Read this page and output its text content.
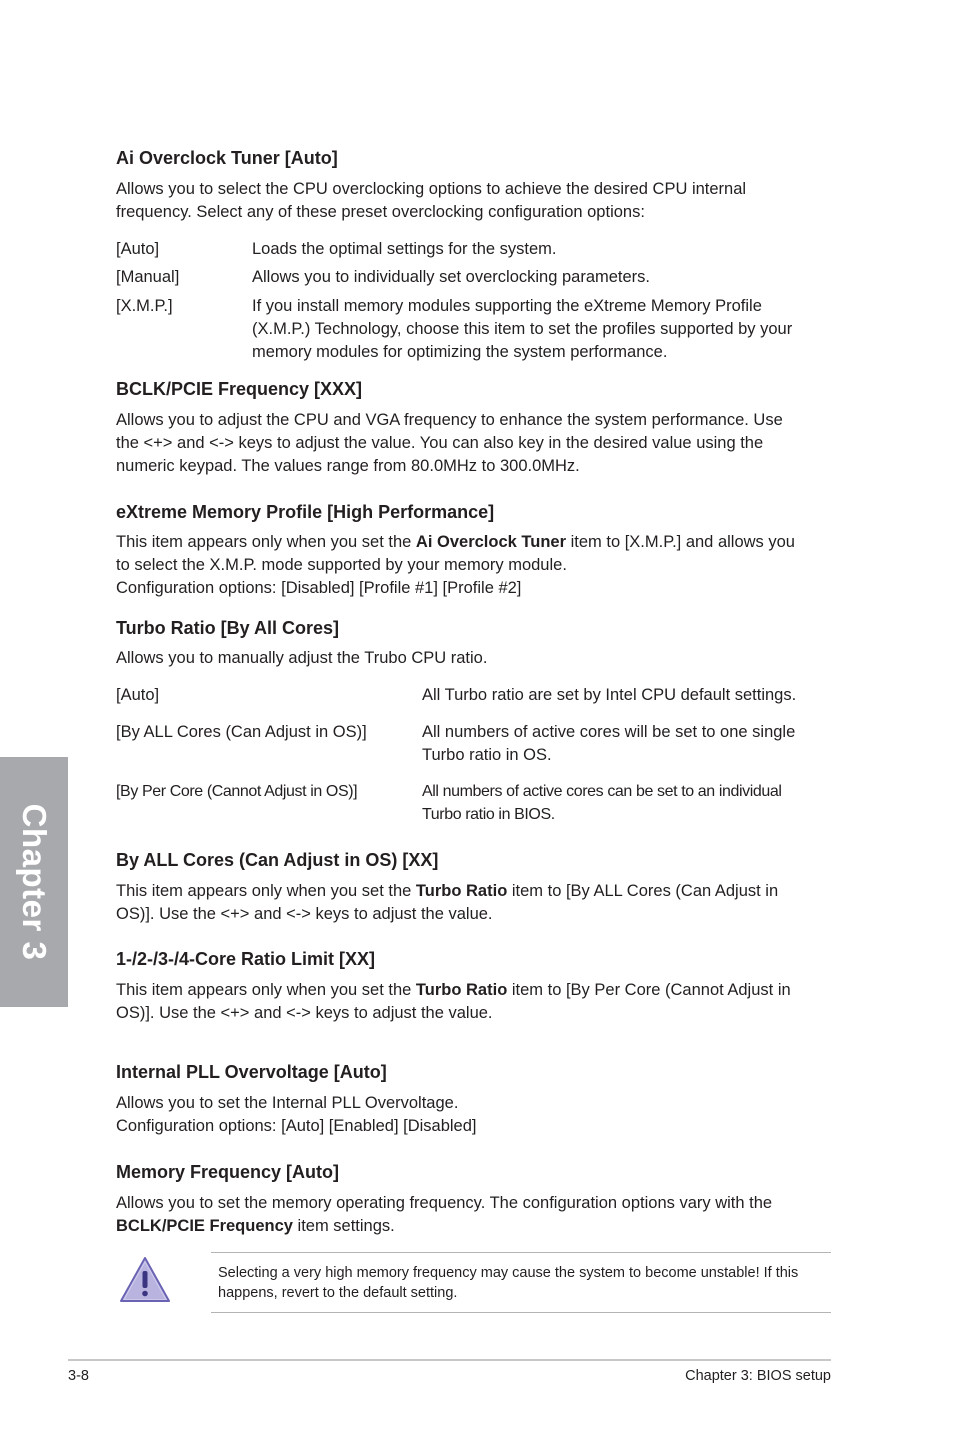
Chapter 3
Ai Overclock Tuner [Auto]

Allows you to select the CPU overclocking options to achieve the desired CPU internal

frequency. Select any of these preset overclocking configuration options:

[Auto]	Loads the optimal settings for the system.
[Manual]	Allows you to individually set overclocking parameters.
[X.M.P.]	If you install memory modules supporting the eXtreme Memory Profile
(X.M.P.) Technology, choose this item to set the profiles supported by your
memory modules for optimizing the system performance.
BCLK/PCIE Frequency [XXX]

Allows you to adjust the CPU and VGA frequency to enhance the system performance. Use

the <+> and <-> keys to adjust the value. You can also key in the desired value using the

numeric keypad. The values range from 80.0MHz to 300.0MHz.

eXtreme Memory Profile [High Performance]

This item appears only when you set the Ai Overclock Tuner item to [X.M.P.] and allows you

to select the X.M.P. mode supported by your memory module.

Configuration options: [Disabled] [Profile #1] [Profile #2]

Turbo Ratio [By All Cores]

Allows you to manually adjust the Trubo CPU ratio.

[Auto]	All Turbo ratio are set by Intel CPU default settings.
[By ALL Cores (Can Adjust in OS)]	All numbers of active cores will be set to one single
Turbo ratio in OS.
[By Per Core (Cannot Adjust in OS)]	All numbers of active cores can be set to an individual
Turbo ratio in BIOS.
By ALL Cores (Can Adjust in OS) [XX]

This item appears only when you set the Turbo Ratio item to [By ALL Cores (Can Adjust in

OS)]. Use the <+> and <-> keys to adjust the value.

1-/2-/3-/4-Core Ratio Limit [XX]

This item appears only when you set the Turbo Ratio item to [By Per Core (Cannot Adjust in

OS)]. Use the <+> and <-> keys to adjust the value.

Internal PLL Overvoltage [Auto]

Allows you to set the Internal PLL Overvoltage.

Configuration options: [Auto] [Enabled] [Disabled]

Memory Frequency [Auto]

Allows you to set the memory operating frequency. The configuration options vary with the

BCLK/PCIE Frequency item settings.

Selecting a very high memory frequency may cause the system to become unstable! If this
happens, revert to the default setting.
3-8	Chapter 3: BIOS setup
